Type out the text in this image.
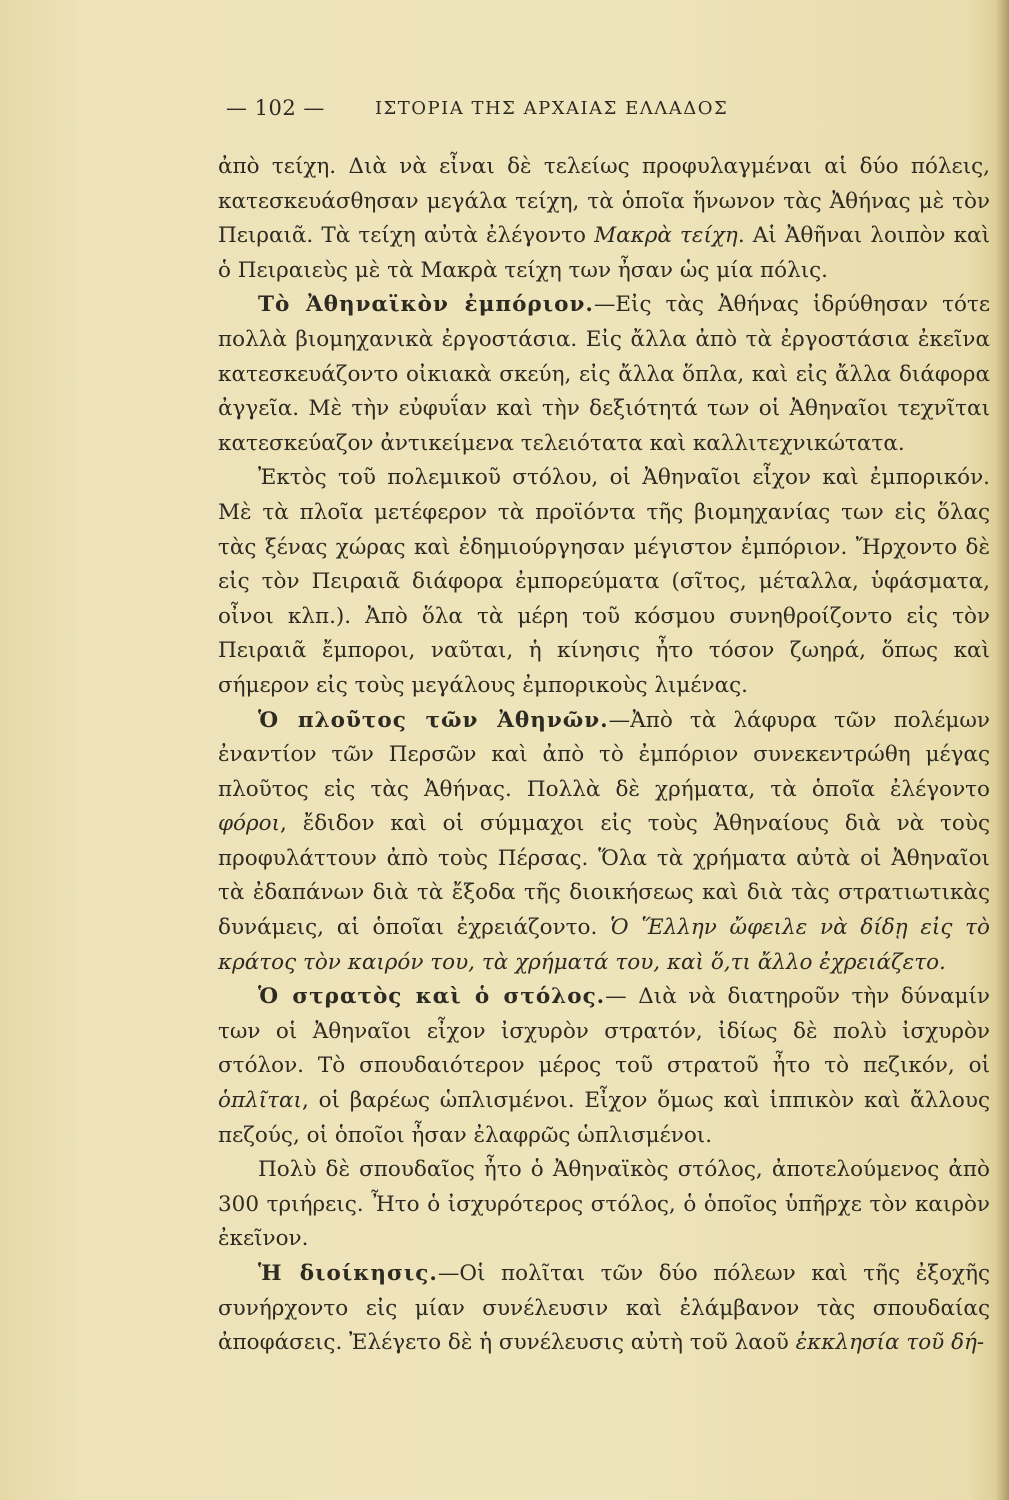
— 102 —	ΙΣΤΟΡΙΑ ΤΗΣ ΑΡΧΑΙΑΣ ΕΛΛΑΔΟΣ

ἀπὸ τείχη. Διὰ νὰ εἶναι δὲ τελείως προφυλαγμέναι αἱ δύο πόλεις, κατεσκευάσθησαν μεγάλα τείχη, τὰ ὁποῖα ἥνωνον τὰς Ἀθήνας μὲ τὸν Πειραιᾶ. Τὰ τείχη αὐτὰ ἐλέγοντο Μακρὰ τείχη. Αἱ Ἀθῆναι λοιπὸν καὶ ὁ Πειραιεὺς μὲ τὰ Μακρὰ τείχη των ἦσαν ὡς μία πόλις.

Τὸ Ἀθηναϊκὸν ἐμπόριον.—Εἰς τὰς Ἀθήνας ἱδρύθησαν τότε πολλὰ βιομηχανικὰ ἐργοστάσια. Εἰς ἄλλα ἀπὸ τὰ ἐργοστάσια ἐκεῖνα κατεσκευάζοντο οἰκιακὰ σκεύη, εἰς ἄλλα ὅπλα, καὶ εἰς ἄλλα διάφορα ἀγγεῖα. Μὲ τὴν εὐφυΐαν καὶ τὴν δεξιότητά των οἱ Ἀθηναῖοι τεχνῖται κατεσκεύαζον ἀντικείμενα τελειότατα καὶ καλλιτεχνικώτατα.

Ἐκτὸς τοῦ πολεμικοῦ στόλου, οἱ Ἀθηναῖοι εἶχον καὶ ἐμπορικόν. Μὲ τὰ πλοῖα μετέφερον τὰ προϊόντα τῆς βιομηχανίας των εἰς ὅλας τὰς ξένας χώρας καὶ ἐδημιούργησαν μέγιστον ἐμπόριον. Ἤρχοντο δὲ εἰς τὸν Πειραιᾶ διάφορα ἐμπορεύματα (σῖτος, μέταλλα, ὑφάσματα, οἶνοι κλπ.). Ἀπὸ ὅλα τὰ μέρη τοῦ κόσμου συνηθροίζοντο εἰς τὸν Πειραιᾶ ἔμποροι, ναῦται, ἡ κίνησις ἦτο τόσον ζωηρά, ὅπως καὶ σήμερον εἰς τοὺς μεγάλους ἐμπορικοὺς λιμένας.

Ὁ πλοῦτος τῶν Ἀθηνῶν.—Ἀπὸ τὰ λάφυρα τῶν πολέμων ἐναντίον τῶν Περσῶν καὶ ἀπὸ τὸ ἐμπόριον συνεκεντρώθη μέγας πλοῦτος εἰς τὰς Ἀθήνας. Πολλὰ δὲ χρήματα, τὰ ὁποῖα ἐλέγοντο φόροι, ἔδιδον καὶ οἱ σύμμαχοι εἰς τοὺς Ἀθηναίους διὰ νὰ τοὺς προφυλάττουν ἀπὸ τοὺς Πέρσας. Ὅλα τὰ χρήματα αὐτὰ οἱ Ἀθηναῖοι τὰ ἐδαπάνων διὰ τὰ ἔξοδα τῆς διοικήσεως καὶ διὰ τὰς στρατιωτικὰς δυνάμεις, αἱ ὁποῖαι ἐχρειάζοντο. Ὁ Ἕλλην ὤφειλε νὰ δίδῃ εἰς τὸ κράτος τὸν καιρόν του, τὰ χρήματά του, καὶ ὅ,τι ἄλλο ἐχρειάζετο.

Ὁ στρατὸς καὶ ὁ στόλος.— Διὰ νὰ διατηροῦν τὴν δύναμίν των οἱ Ἀθηναῖοι εἶχον ἰσχυρὸν στρατόν, ἰδίως δὲ πολὺ ἰσχυρὸν στόλον. Τὸ σπουδαιότερον μέρος τοῦ στρατοῦ ἦτο τὸ πεζικόν, οἱ ὁπλῖται, οἱ βαρέως ὡπλισμένοι. Εἶχον ὅμως καὶ ἱππικὸν καὶ ἄλλους πεζούς, οἱ ὁποῖοι ἦσαν ἐλαφρῶς ὡπλισμένοι.

Πολὺ δὲ σπουδαῖος ἦτο ὁ Ἀθηναϊκὸς στόλος, ἀποτελούμενος ἀπὸ 300 τριήρεις. Ἦτο ὁ ἰσχυρότερος στόλος, ὁ ὁποῖος ὑπῆρχε τὸν καιρὸν ἐκεῖνον.

Ἡ διοίκησις.—Οἱ πολῖται τῶν δύο πόλεων καὶ τῆς ἐξοχῆς συνήρχοντο εἰς μίαν συνέλευσιν καὶ ἐλάμβανον τὰς σπουδαίας ἀποφάσεις. Ἐλέγετο δὲ ἡ συνέλευσις αὐτὴ τοῦ λαοῦ ἐκκλησία τοῦ δή-
